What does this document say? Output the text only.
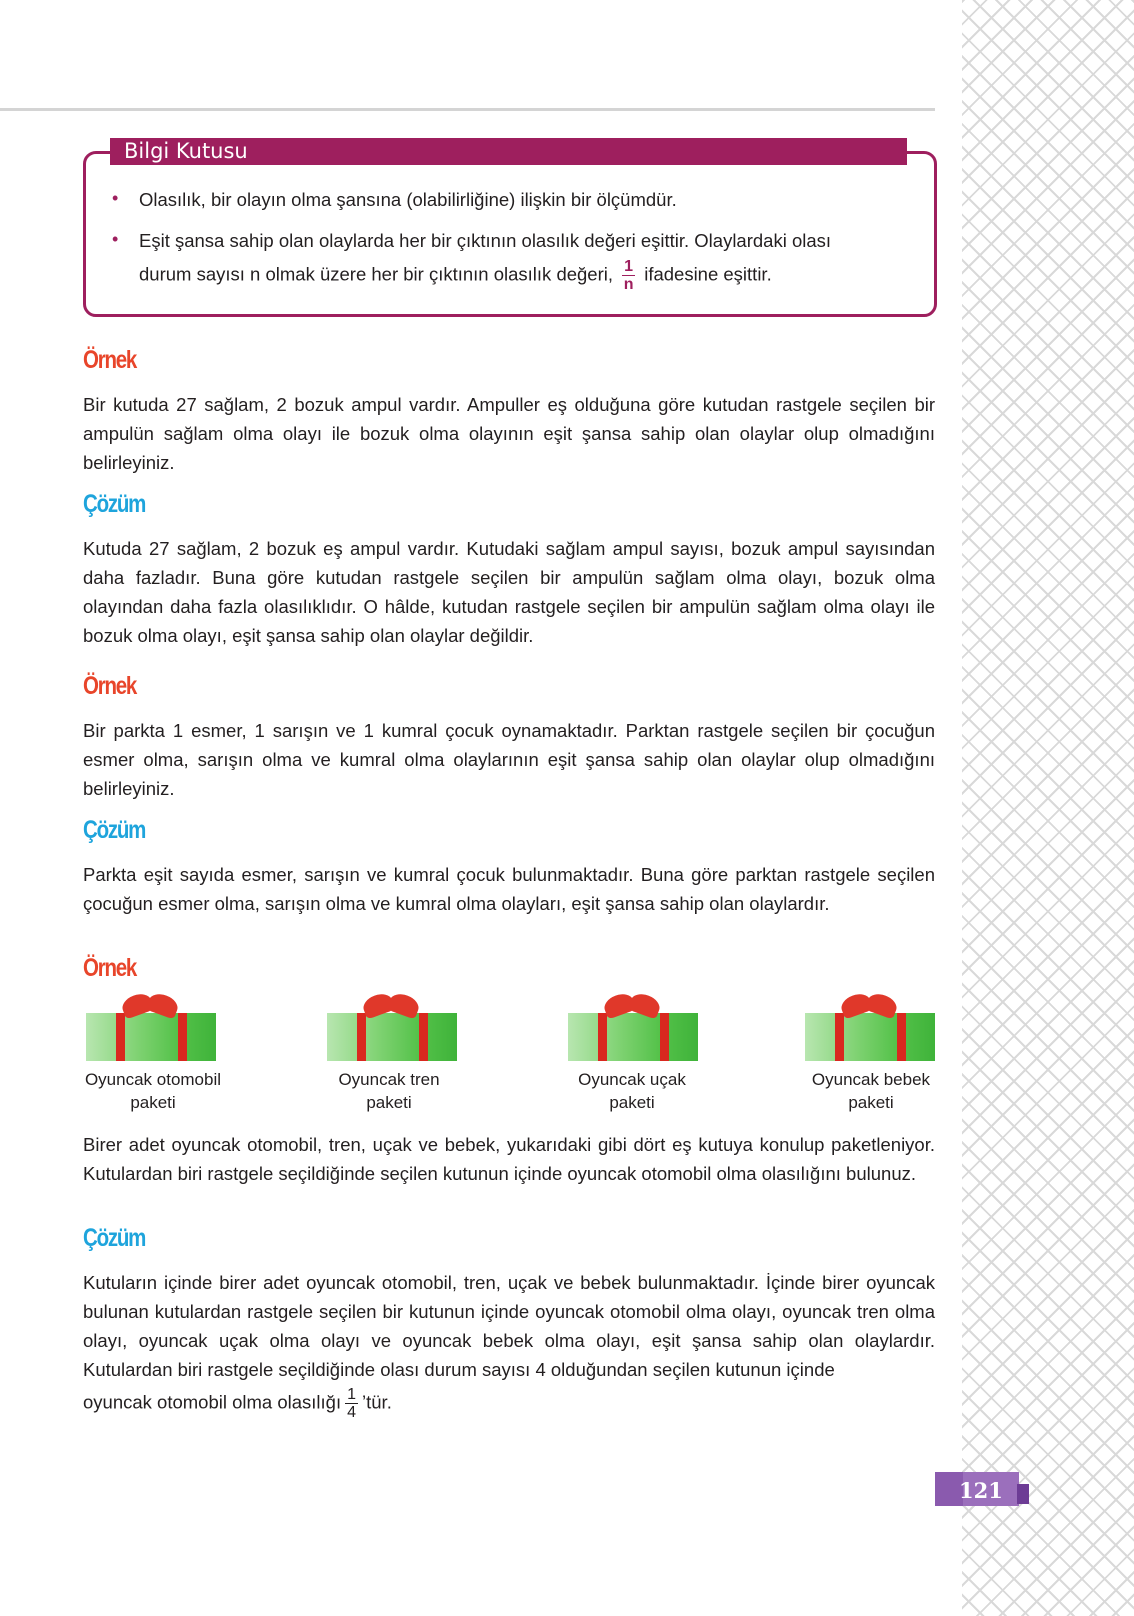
Bilgi Kutusu
• Olasılık, bir olayın olma şansına (olabilirliğine) ilişkin bir ölçümdür.
• Eşit şansa sahip olan olaylarda her bir çıktının olasılık değeri eşittir. Olaylardaki olası
durum sayısı n olmak üzere her bir çıktının olasılık değeri, $\frac{1}{n}$ ifadesine eşittir.
Örnek
Bir kutuda 27 sağlam, 2 bozuk ampul vardır. Ampuller eş olduğuna göre kutudan rastgele seçilen bir ampulün sağlam olma olayı ile bozuk olma olayının eşit şansa sahip olan olaylar olup olmadığını belirleyiniz.
Çözüm
Kutuda 27 sağlam, 2 bozuk eş ampul vardır. Kutudaki sağlam ampul sayısı, bozuk ampul sayısından daha fazladır. Buna göre kutudan rastgele seçilen bir ampulün sağlam olma olayı, bozuk olma olayından daha fazla olasılıklıdır. O hâlde, kutudan rastgele seçilen bir ampulün sağlam olma olayı ile bozuk olma olayı, eşit şansa sahip olan olaylar değildir.
Örnek
Bir parkta 1 esmer, 1 sarışın ve 1 kumral çocuk oynamaktadır. Parktan rastgele seçilen bir çocuğun esmer olma, sarışın olma ve kumral olma olaylarının eşit şansa sahip olan olaylar olup olmadığını belirleyiniz.
Çözüm
Parkta eşit sayıda esmer, sarışın ve kumral çocuk bulunmaktadır. Buna göre parktan rastgele seçilen çocuğun esmer olma, sarışın olma ve kumral olma olayları, eşit şansa sahip olan olaylardır.
Örnek
Oyuncak otomobil
paketi
Oyuncak tren
paketi
Oyuncak uçak
paketi
Oyuncak bebek
paketi
Birer adet oyuncak otomobil, tren, uçak ve bebek, yukarıdaki gibi dört eş kutuya konulup paketleniyor. Kutulardan biri rastgele seçildiğinde seçilen kutunun içinde oyuncak otomobil olma olasılığını bulunuz.
Çözüm
Kutuların içinde birer adet oyuncak otomobil, tren, uçak ve bebek bulunmaktadır. İçinde birer oyuncak bulunan kutulardan rastgele seçilen bir kutunun içinde oyuncak otomobil olma olayı, oyuncak tren olma olayı, oyuncak uçak olma olayı ve oyuncak bebek olma olayı, eşit şansa sahip olan olaylardır. Kutulardan biri rastgele seçildiğinde olası durum sayısı 4 olduğundan seçilen kutunun içinde
oyuncak otomobil olma olasılığı $\frac{1}{4}$ ’tür.
121
